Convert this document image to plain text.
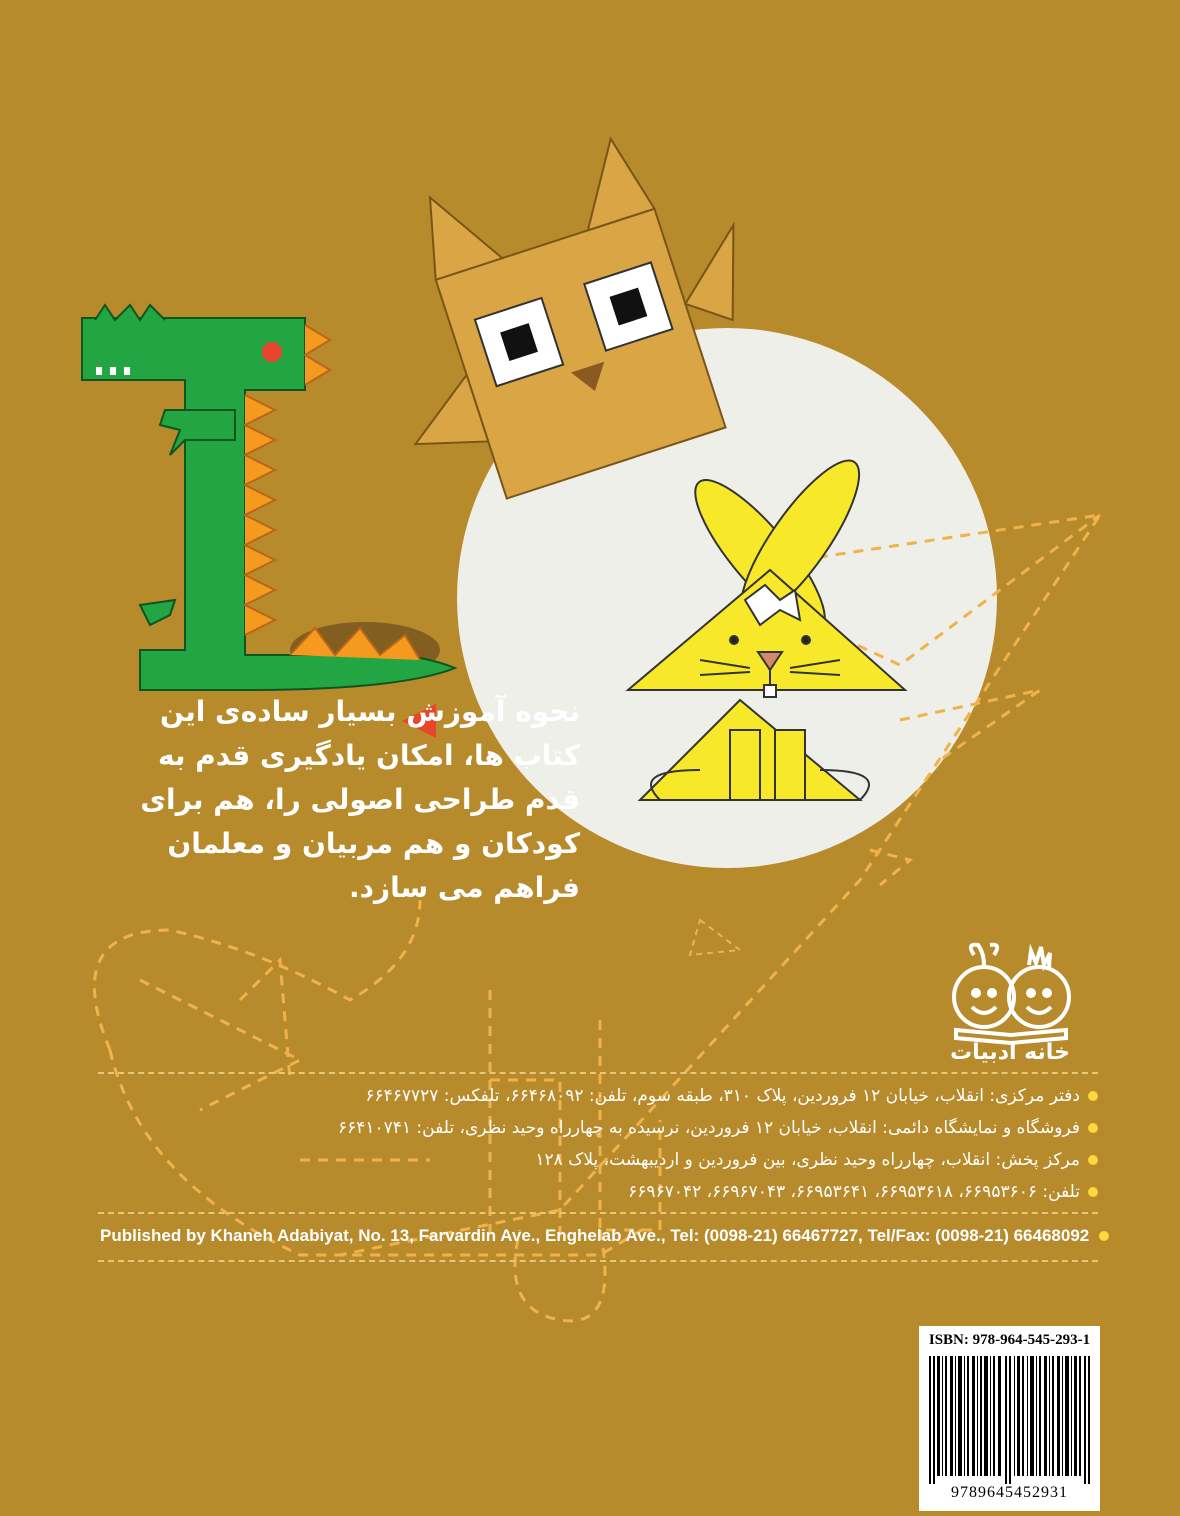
نحوه آموزش بسیار ساده‌ی این
کتاب ها، امکان یادگیری قدم به
قدم طراحی اصولی را، هم برای
کودکان و هم مربیان و معلمان
فراهم می سازد.
خانه ادبیات
دفتر مرکزی: انقلاب، خیابان ۱۲ فروردین، پلاک ۳۱۰، طبقه سوم، تلفن: ۶۶۴۶۸۰۹۲، تلفکس: ۶۶۴۶۷۷۲۷
فروشگاه و نمایشگاه دائمی: انقلاب، خیابان ۱۲ فروردین، نرسیده به چهارراه وحید نظری، تلفن: ۶۶۴۱۰۷۴۱
مرکز پخش: انقلاب، چهارراه وحید نظری، بین فروردین و اردیبهشت، پلاک ۱۲۸
تلفن: ۶۶۹۵۳۶۰۶، ۶۶۹۵۳۶۱۸، ۶۶۹۵۳۶۴۱، ۶۶۹۶۷۰۴۳، ۶۶۹۶۷۰۴۲
Published by Khaneh Adabiyat, No. 13, Farvardin Ave., Enghelab Ave., Tel: (0098-21) 66467727, Tel/Fax: (0098-21) 66468092
ISBN: 978-964-545-293-1
9789645452931
